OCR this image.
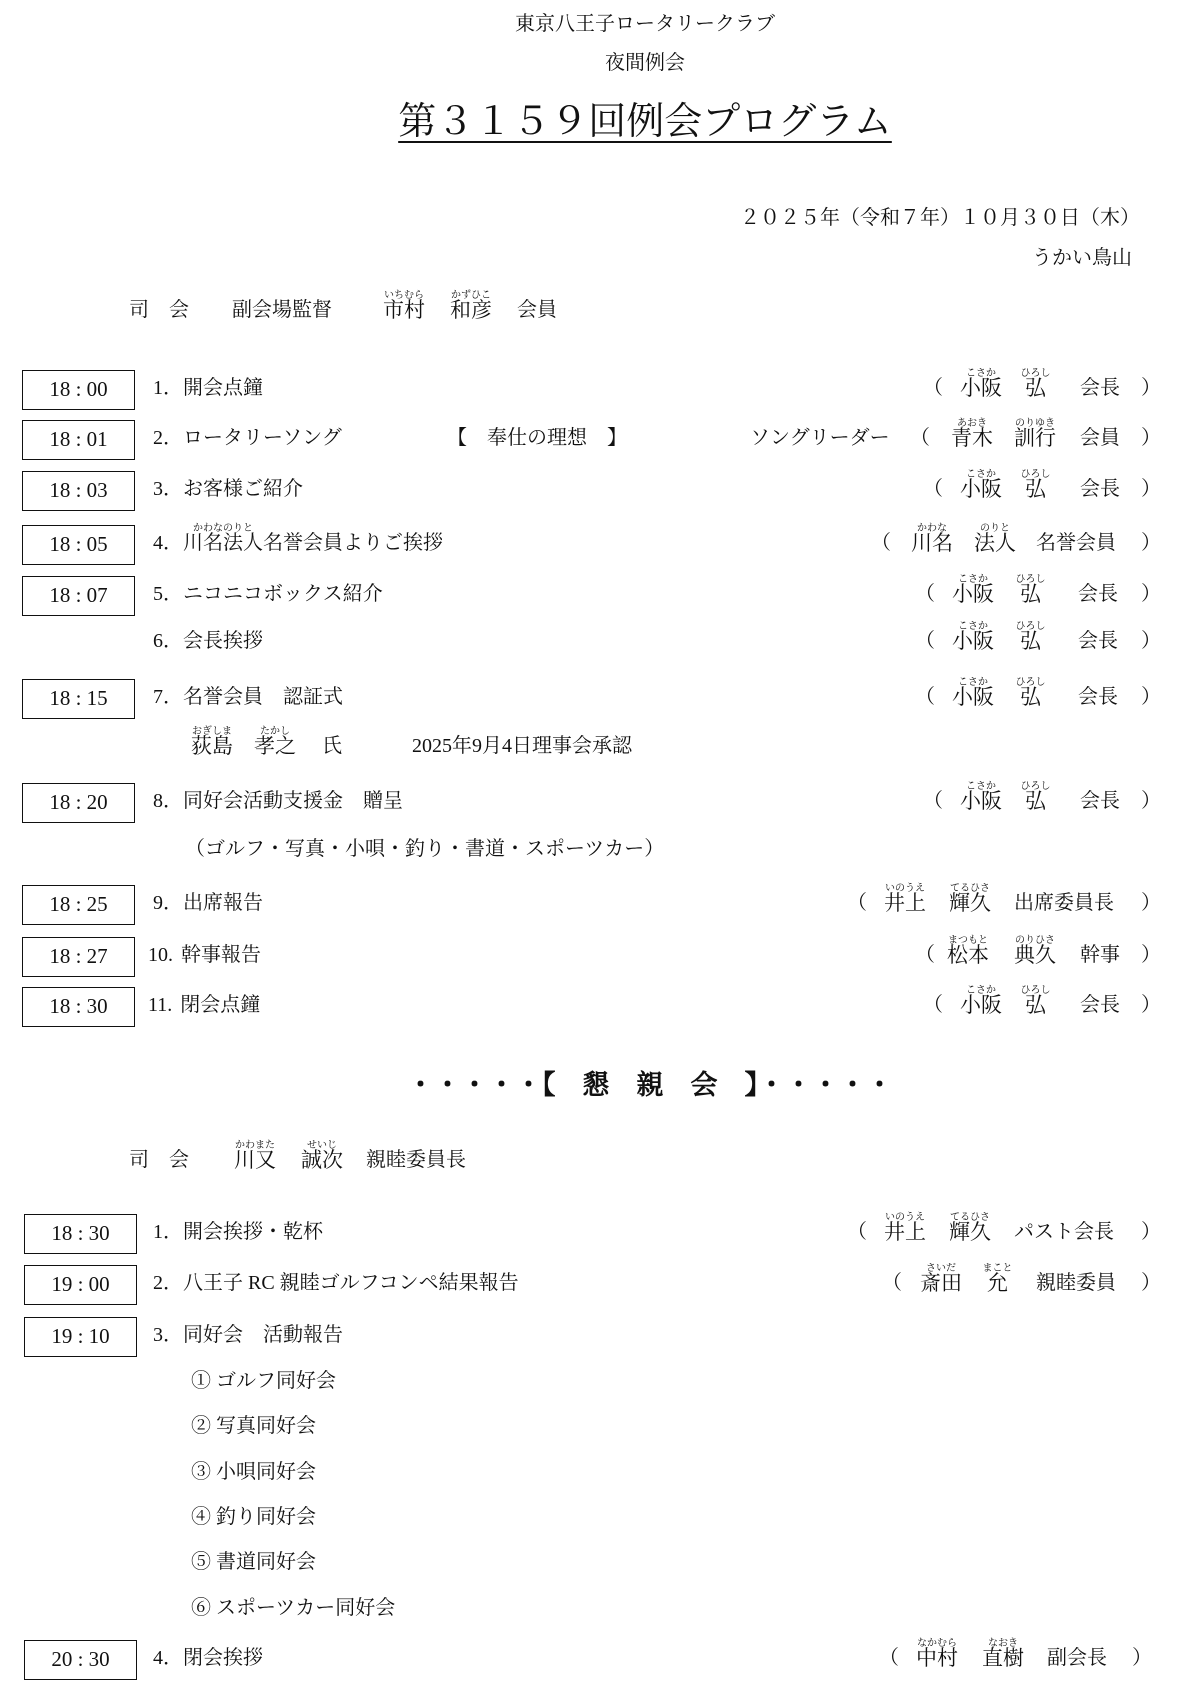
東京八王子ロータリークラブ
夜間例会
第３１５９回例会プログラム
２０２５年（令和７年）１０月３０日（木）
うかい鳥山
司　会 副会場監督 市村
いちむら
和彦
かずひこ
会員
18 : 00	1．開会点鐘	（ 小阪
こさか
弘
ひろし
会長 ）
18 : 01	2．ロータリーソング	【　奉仕の理想　】	ソングリーダー （ 青木
あおき
訓行
のりゆき
会員 ）
18 : 03	3．お客様ご紹介	（ 小阪
こさか
弘
ひろし
会長 ）
18 : 05	4．川名法人
かわなのりと
名誉会員よりご挨拶	（ 川名
かわな
法人
のりと
名誉会員 ）
18 : 07	5．ニコニコボックス紹介	（ 小阪
こさか
弘
ひろし
会長 ）
6．会長挨拶	（ 小阪
こさか
弘
ひろし
会長 ）
18 : 15	7．名誉会員　認証式	（ 小阪
こさか
弘
ひろし
会長 ）
荻島
おぎしま
孝之
たかし
氏	2025年9月4日理事会承認
18 : 20	8．同好会活動支援金　贈呈	（ 小阪
こさか
弘
ひろし
会長 ）
（ゴルフ・写真・小唄・釣り・書道・スポーツカー）
18 : 25	9．出席報告	（ 井上
いのうえ
輝久
てるひさ
出席委員長 ）
18 : 27	10. 幹事報告	（ 松本
まつもと
典久
のりひさ
幹事 ）
18 : 30	11. 閉会点鐘	（ 小阪
こさか
弘
ひろし
会長 ）
・・・・・【　懇　親　会　】・・・・・
司　会 川又
かわまた
誠次
せいじ
親睦委員長
18 : 30	1．開会挨拶・乾杯	（ 井上
いのうえ
輝久
てるひさ
パスト会長 ）
19 : 00	2．八王子 RC 親睦ゴルフコンペ結果報告	（ 斎田
さいだ
允
まこと
親睦委員 ）
19 : 10	3．同好会　活動報告
① ゴルフ同好会
② 写真同好会
③ 小唄同好会
④ 釣り同好会
⑤ 書道同好会
⑥ スポーツカー同好会
20 : 30	4．閉会挨拶	（ 中村
なかむら
直樹
なおき
副会長 ）
